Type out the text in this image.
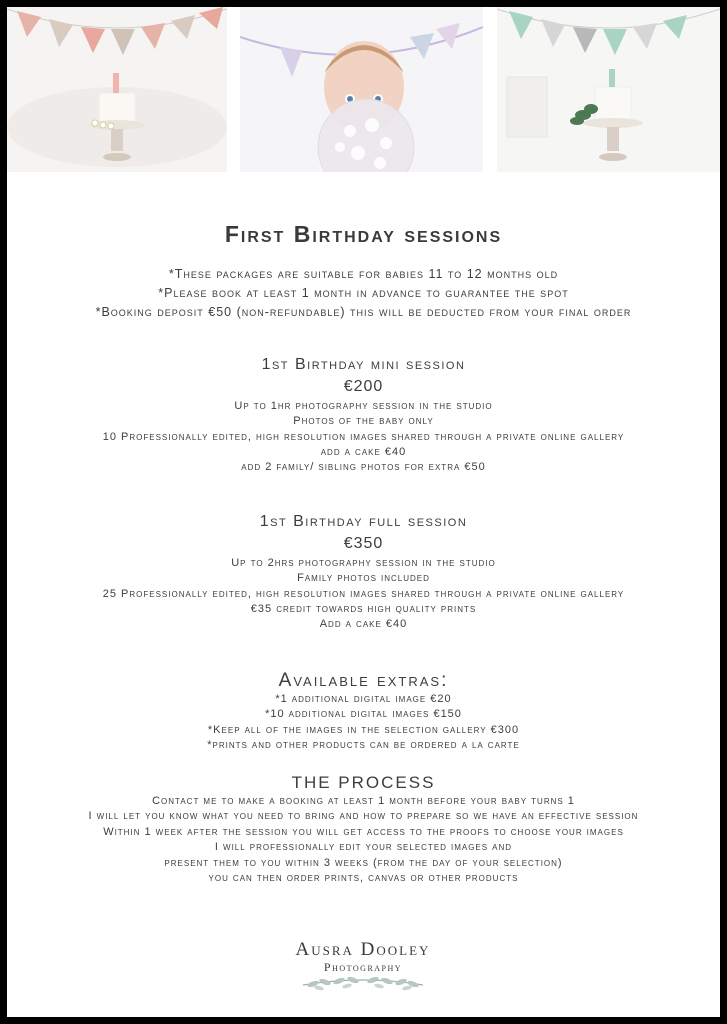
First Birthday sessions

*These packages are suitable for babies 11 to 12 months old

*Please book at least 1 month in advance to guarantee the spot

*Booking deposit €50 (non-refundable) this will be deducted from your final order

1st Birthday mini session
€200

Up to 1hr photography session in the studio

Photos of the baby only

10 Professionally edited, high resolution images shared through a private online gallery

add a cake €40

add 2 family/ sibling photos for extra €50

1st Birthday full session
€350

Up to 2hrs photography session in the studio

Family photos included

25 Professionally edited, high resolution images shared through a private online gallery

€35 credit towards high quality prints

Add a cake €40

Available extras:

*1 additional digital image €20

*10 additional digital images €150

*Keep all of the images in the selection gallery €300

*prints and other products can be ordered a la carte

THE PROCESS

Contact me to make a booking at least 1 month before your baby turns 1

I will let you know what you need to bring and how to prepare so we have an effective session

Within 1 week after the session you will get access to the proofs to choose your images

I will professionally edit your selected images and

present them to you within 3 weeks (from the day of your selection)

you can then order prints, canvas or other products

Ausra Dooley

Photography
